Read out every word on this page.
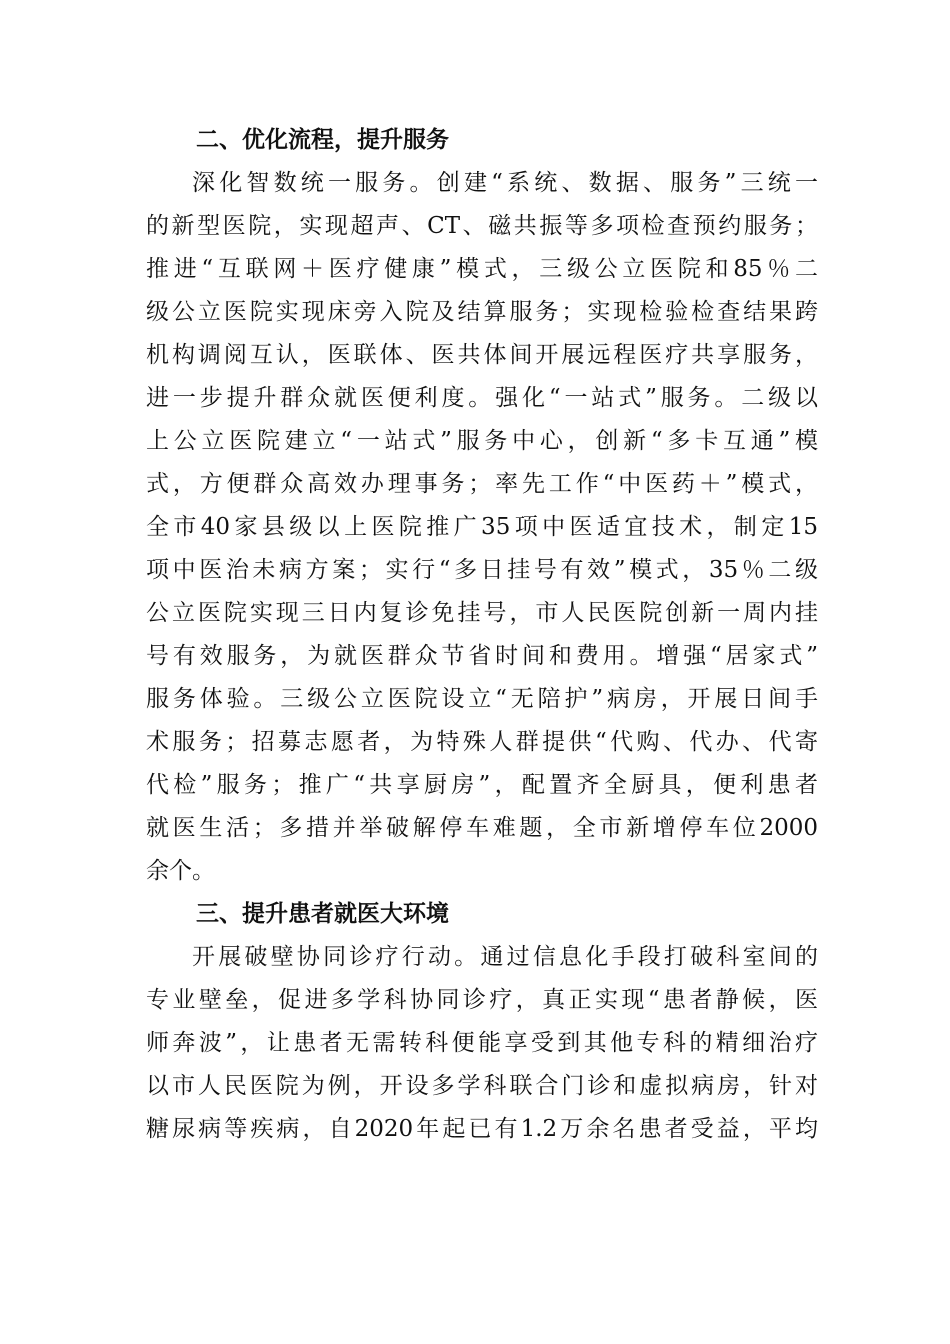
二、优化流程，提升服务
深化智数统一服务。创建“系统、数据、服务”三统一
的新型医院，实现超声、CT、磁共振等多项检查预约服务；
推进“互联网＋医疗健康”模式，三级公立医院和85％二
级公立医院实现床旁入院及结算服务；实现检验检查结果跨
机构调阅互认，医联体、医共体间开展远程医疗共享服务，
进一步提升群众就医便利度。强化“一站式”服务。二级以
上公立医院建立“一站式”服务中心，创新“多卡互通”模
式，方便群众高效办理事务；率先工作“中医药＋”模式，
全市40家县级以上医院推广35项中医适宜技术，制定15
项中医治未病方案；实行“多日挂号有效”模式，35％二级
公立医院实现三日内复诊免挂号，市人民医院创新一周内挂
号有效服务，为就医群众节省时间和费用。增强“居家式”
服务体验。三级公立医院设立“无陪护”病房，开展日间手
术服务；招募志愿者，为特殊人群提供“代购、代办、代寄
代检”服务；推广“共享厨房”，配置齐全厨具，便利患者
就医生活；多措并举破解停车难题，全市新增停车位2000
余个。
三、提升患者就医大环境
开展破壁协同诊疗行动。通过信息化手段打破科室间的
专业壁垒，促进多学科协同诊疗，真正实现“患者静候，医
师奔波”，让患者无需转科便能享受到其他专科的精细治疗
以市人民医院为例，开设多学科联合门诊和虚拟病房，针对
糖尿病等疾病，自2020年起已有1.2万余名患者受益，平均
